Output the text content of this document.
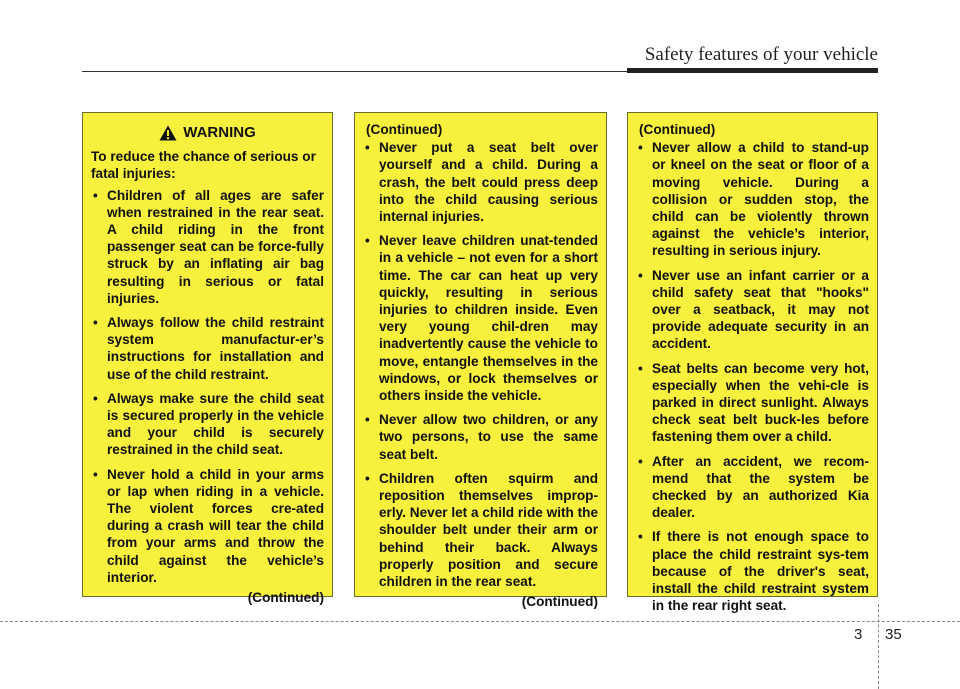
Safety features of your vehicle
WARNING
To reduce the chance of serious or fatal injuries:
• Children of all ages are safer when restrained in the rear seat. A child riding in the front passenger seat can be force-fully struck by an inflating air bag resulting in serious or fatal injuries.
• Always follow the child restraint system manufactur-er’s instructions for installation and use of the child restraint.
• Always make sure the child seat is secured properly in the vehicle and your child is securely restrained in the child seat.
• Never hold a child in your arms or lap when riding in a vehicle. The violent forces cre-ated during a crash will tear the child from your arms and throw the child against the vehicle’s interior.
(Continued)
(Continued)
• Never put a seat belt over yourself and a child. During a crash, the belt could press deep into the child causing serious internal injuries.
• Never leave children unat-tended in a vehicle – not even for a short time. The car can heat up very quickly, resulting in serious injuries to children inside. Even very young chil-dren may inadvertently cause the vehicle to move, entangle themselves in the windows, or lock themselves or others inside the vehicle.
• Never allow two children, or any two persons, to use the same seat belt.
• Children often squirm and reposition themselves improp-erly. Never let a child ride with the shoulder belt under their arm or behind their back. Always properly position and secure children in the rear seat.
(Continued)
(Continued)
• Never allow a child to stand-up or kneel on the seat or floor of a moving vehicle. During a collision or sudden stop, the child can be violently thrown against the vehicle’s interior, resulting in serious injury.
• Never use an infant carrier or a child safety seat that "hooks" over a seatback, it may not provide adequate security in an accident.
• Seat belts can become very hot, especially when the vehi-cle is parked in direct sunlight. Always check seat belt buck-les before fastening them over a child.
• After an accident, we recom-mend that the system be checked by an authorized Kia dealer.
• If there is not enough space to place the child restraint sys-tem because of the driver's seat, install the child restraint system in the rear right seat.
3 35
